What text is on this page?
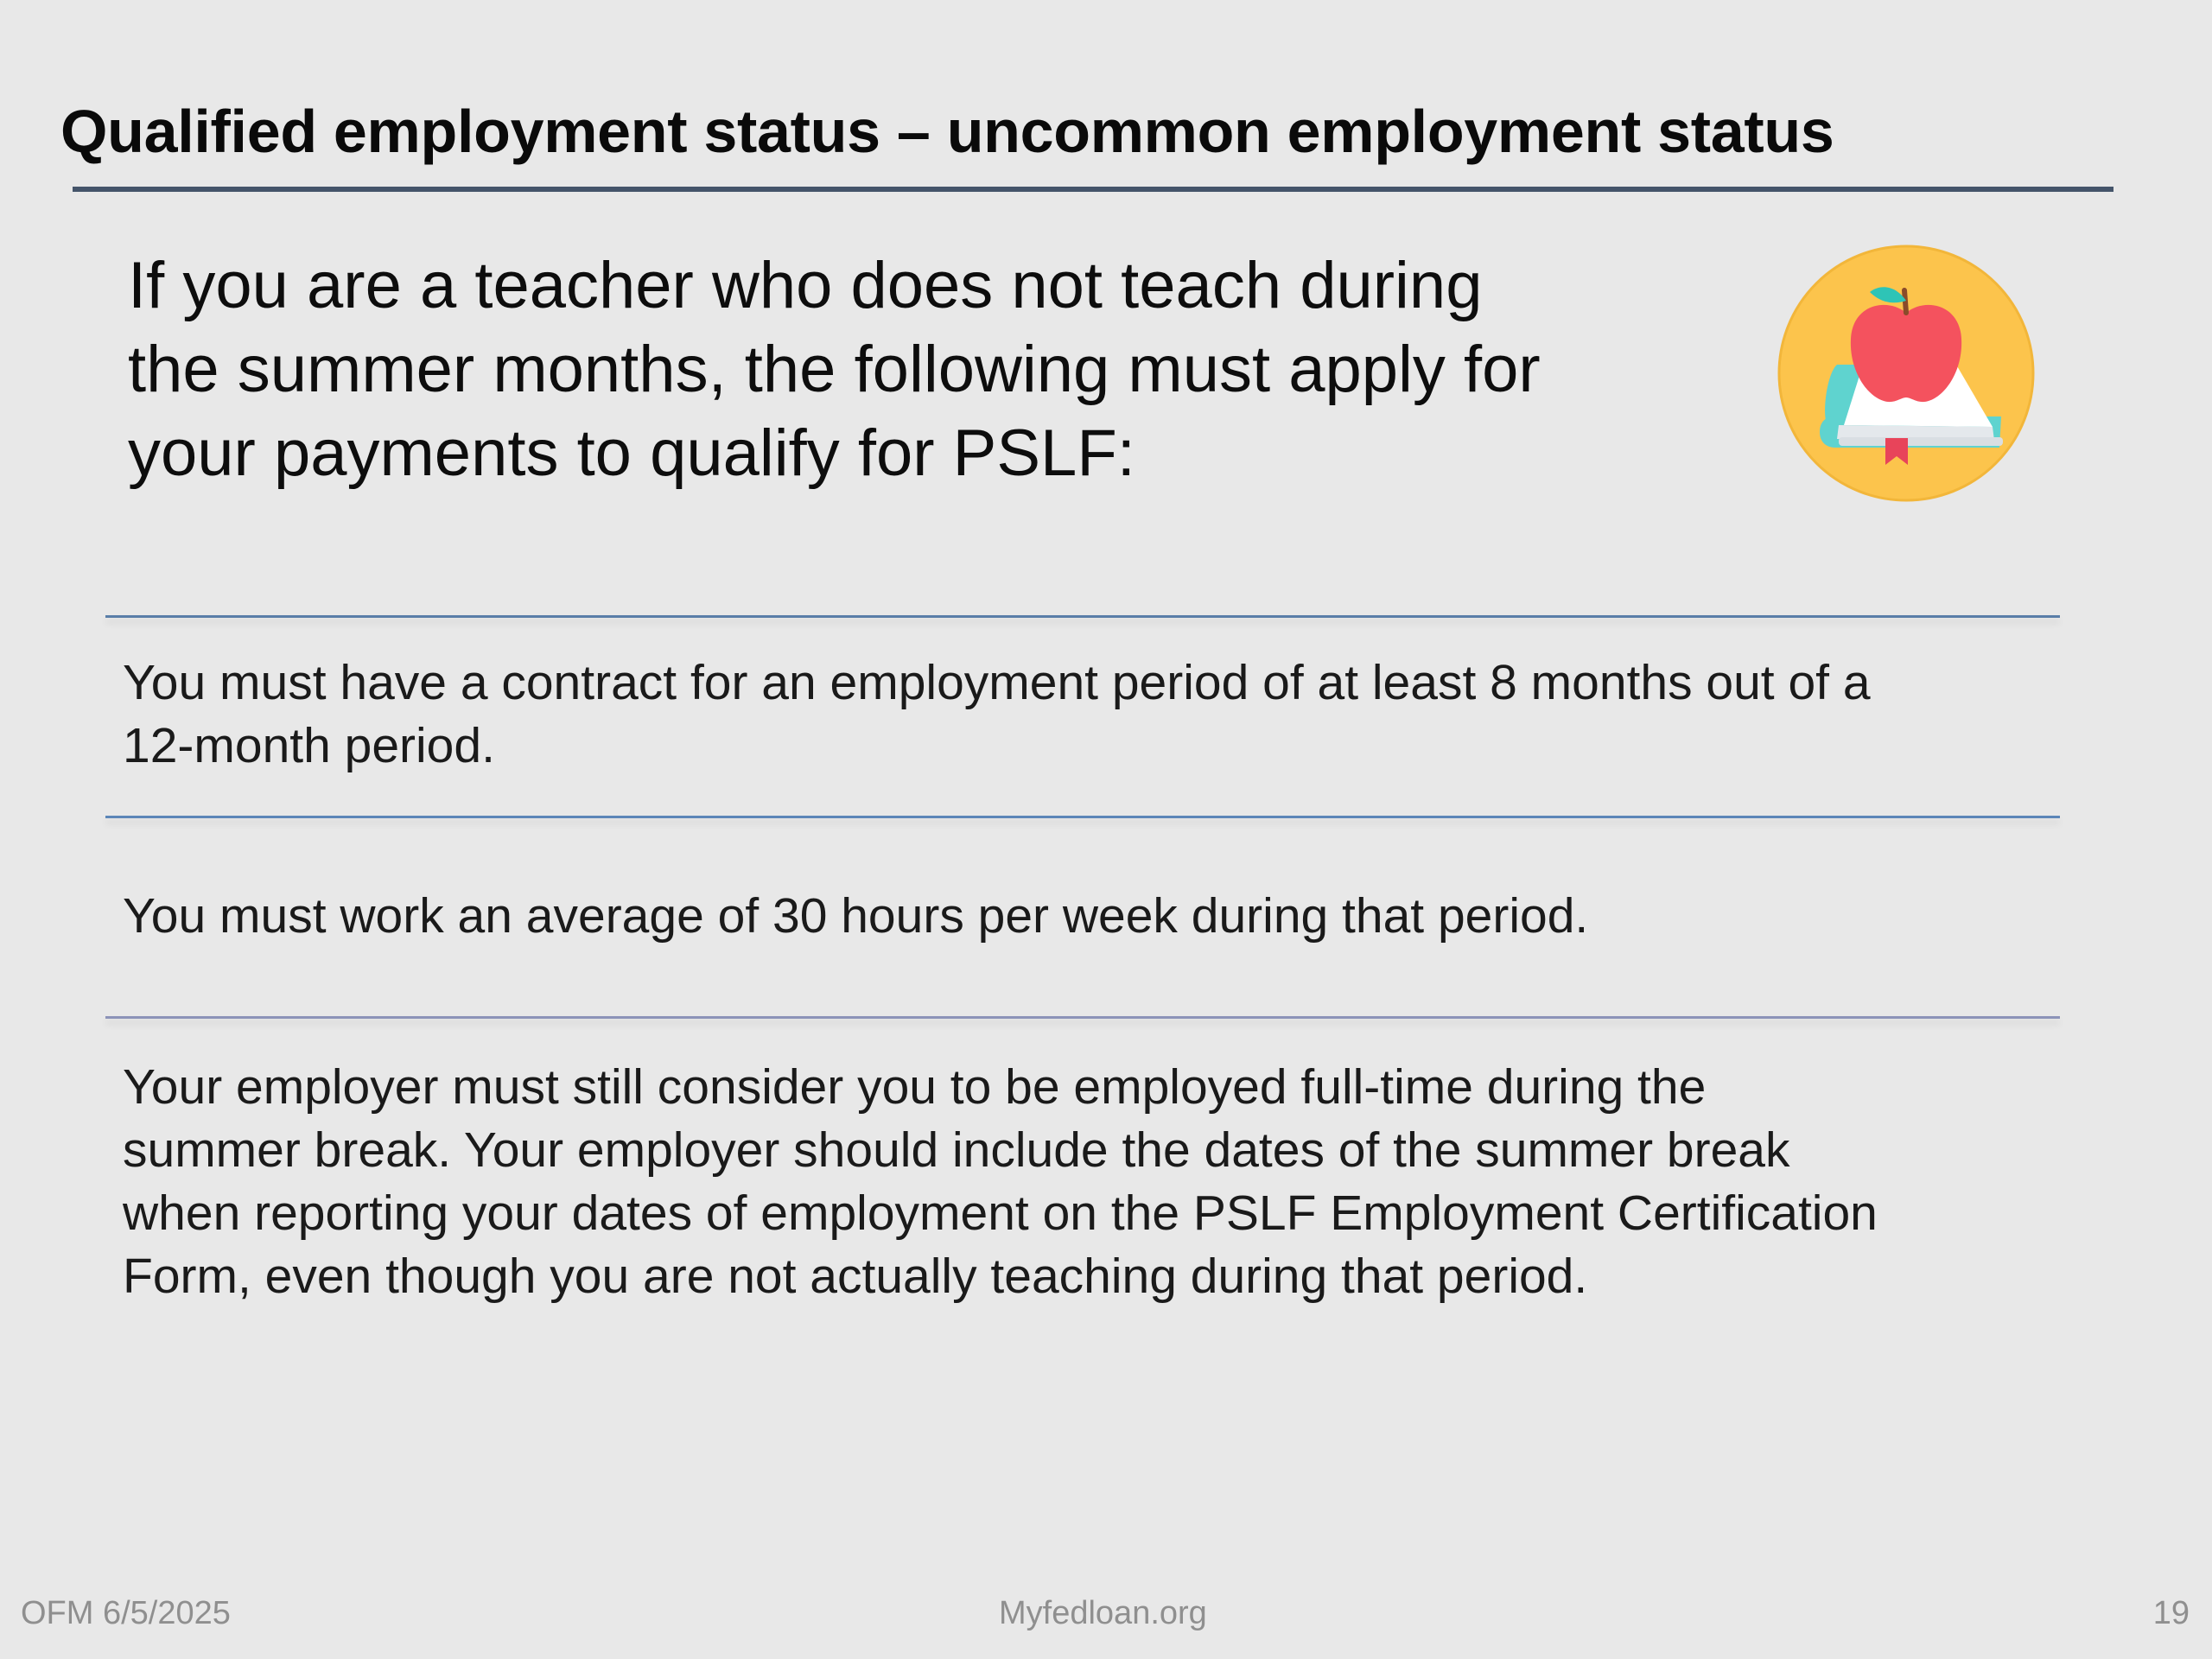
Qualified employment status – uncommon employment status
If you are a teacher who does not teach during
the summer months, the following must apply for
your payments to qualify for PSLF:
You must have a contract for an employment period of at least 8 months out of a
12-month period.
You must work an average of 30 hours per week during that period.
Your employer must still consider you to be employed full-time during the
summer break. Your employer should include the dates of the summer break
when reporting your dates of employment on the PSLF Employment Certification
Form, even though you are not actually teaching during that period.
OFM 6/5/2025	Myfedloan.org	19
